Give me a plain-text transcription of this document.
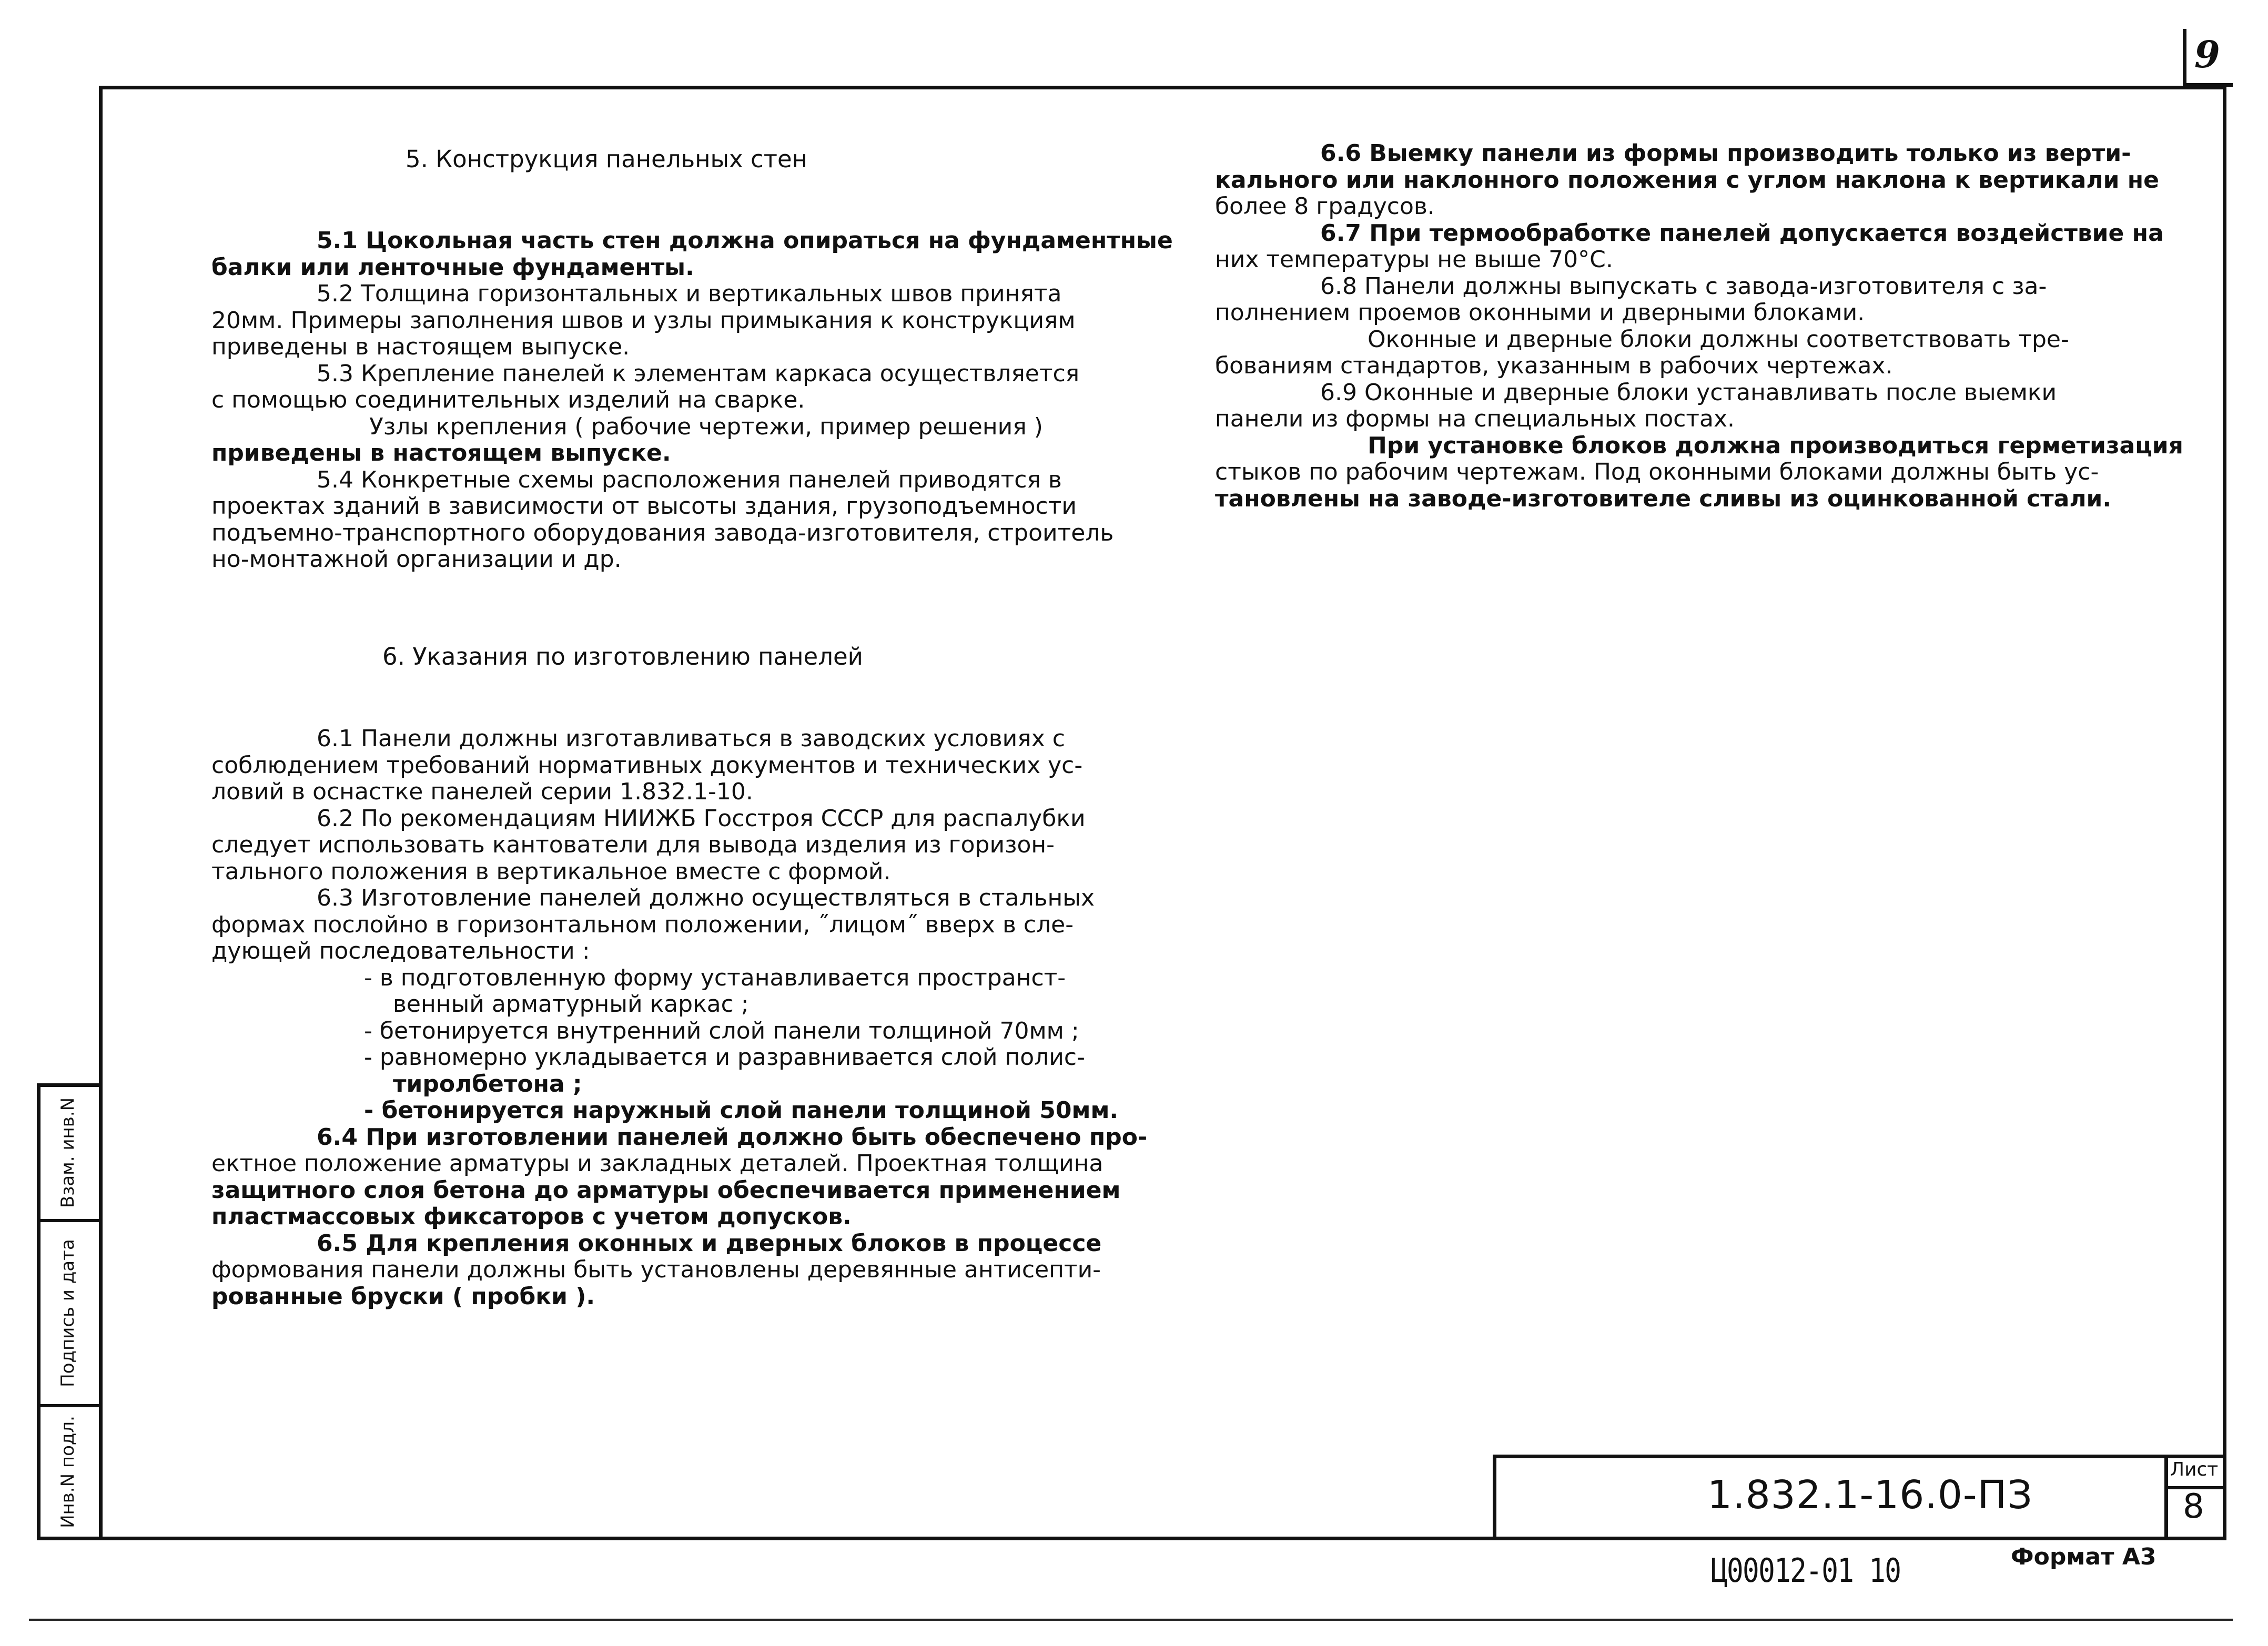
9
Взам. инв.N
Подпись и дата
Инв.N подл.
5. Конструкция панельных стен
5.1 Цокольная часть стен должна опираться на фундаментные
балки или ленточные фундаменты.
5.2 Толщина горизонтальных и вертикальных швов принята
20мм. Примеры заполнения швов и узлы примыкания к конструкциям
приведены в настоящем выпуске.
5.3 Крепление панелей к элементам каркаса осуществляется
с помощью соединительных изделий на сварке.
Узлы крепления ( рабочие чертежи, пример решения )
приведены в настоящем выпуске.
5.4 Конкретные схемы расположения панелей приводятся в
проектах зданий в зависимости от высоты здания, грузоподъемности
подъемно-транспортного оборудования завода-изготовителя, строитель
но-монтажной организации и др.
6. Указания по изготовлению панелей
6.1 Панели должны изготавливаться в заводских условиях с
соблюдением требований нормативных документов и технических ус-
ловий в оснастке панелей серии 1.832.1-10.
6.2 По рекомендациям НИИЖБ Госстроя СССР для распалубки
следует использовать кантователи для вывода изделия из горизон-
тального положения в вертикальное вместе с формой.
6.3 Изготовление панелей должно осуществляться в стальных
формах послойно в горизонтальном положении, ˝лицом˝ вверх в сле-
дующей последовательности :
- в подготовленную форму устанавливается пространст-
венный арматурный каркас ;
- бетонируется внутренний слой панели толщиной 70мм ;
- равномерно укладывается и разравнивается слой полис-
тиролбетона ;
- бетонируется наружный слой панели толщиной 50мм.
6.4 При изготовлении панелей должно быть обеспечено про-
ектное положение арматуры и закладных деталей. Проектная толщина
защитного слоя бетона до арматуры обеспечивается применением
пластмассовых фиксаторов с учетом допусков.
6.5 Для крепления оконных и дверных блоков в процессе
формования панели должны быть установлены деревянные антисепти-
рованные бруски ( пробки ).
6.6 Выемку панели из формы производить только из верти-
кального или наклонного положения с углом наклона к вертикали не
более 8 градусов.
6.7 При термообработке панелей допускается воздействие на
них температуры не выше 70°С.
6.8 Панели должны выпускать с завода-изготовителя с за-
полнением проемов оконными и дверными блоками.
Оконные и дверные блоки должны соответствовать тре-
бованиям стандартов, указанным в рабочих чертежах.
6.9 Оконные и дверные блоки устанавливать после выемки
панели из формы на специальных постах.
При установке блоков должна производиться герметизация
стыков по рабочим чертежам. Под оконными блоками должны быть ус-
тановлены на заводе-изготовителе сливы из оцинкованной стали.
1.832.1-16.0-ПЗ
Лист
8
Формат А3
Ц00012-01 10
